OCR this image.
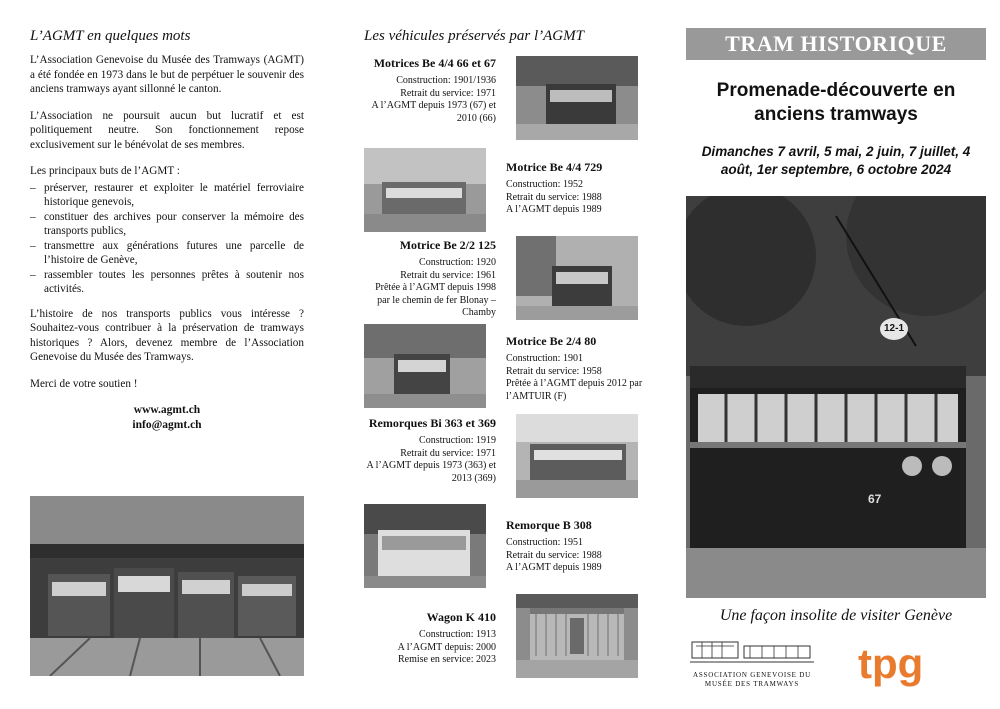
L’AGMT en quelques mots

L’Association Genevoise du Musée des Tramways (AGMT) a été fondée en 1973 dans le but de perpétuer le souvenir des anciens tramways ayant sillonné le canton.

L’Association ne poursuit aucun but lucratif et est politiquement neutre. Son fonctionnement repose exclusivement sur le bénévolat de ses membres.

Les principaux buts de l’AGMT :

– préserver, restaurer et exploiter le matériel ferroviaire historique genevois,
– constituer des archives pour conserver la mémoire des transports publics,
– transmettre aux générations futures une parcelle de l’histoire de Genève,
– rassembler toutes les personnes prêtes à soutenir nos activités.

L’histoire de nos transports publics vous intéresse ? Souhaitez-vous contribuer à la préservation de tramways historiques ? Alors, devenez membre de l’Association Genevoise du Musée des Tramways.

Merci de votre soutien !

www.agmt.ch
info@agmt.ch
Les véhicules préservés par l’AGMT
Motrices Be 4/4 66 et 67
Construction: 1901/1936
Retrait du service: 1971
A l’AGMT depuis 1973 (67) et 2010 (66)
Motrice Be 4/4 729
Construction: 1952
Retrait du service: 1988
A l’AGMT depuis 1989
Motrice Be 2/2 125
Construction: 1920
Retrait du service: 1961
Prêtée à l’AGMT depuis 1998 par le chemin de fer Blonay – Chamby
Motrice Be 2/4 80
Construction: 1901
Retrait du service: 1958
Prêtée à l’AGMT depuis 2012 par l’AMTUIR (F)
Remorques Bi 363 et 369
Construction: 1919
Retrait du service: 1971
A l’AGMT depuis 1973 (363) et 2013 (369)
Remorque B 308
Construction: 1951
Retrait du service: 1988
A l’AGMT depuis 1989
Wagon K 410
Construction: 1913
A l’AGMT depuis: 2000
Remise en service: 2023
TRAM HISTORIQUE
Promenade-découverte en anciens tramways
Dimanches 7 avril, 5 mai, 2 juin, 7 juillet, 4 août, 1er septembre, 6 octobre 2024
12-1
67
Une façon insolite de visiter Genève
ASSOCIATION GENEVOISE DU MUSÉE DES TRAMWAYS	tpg
